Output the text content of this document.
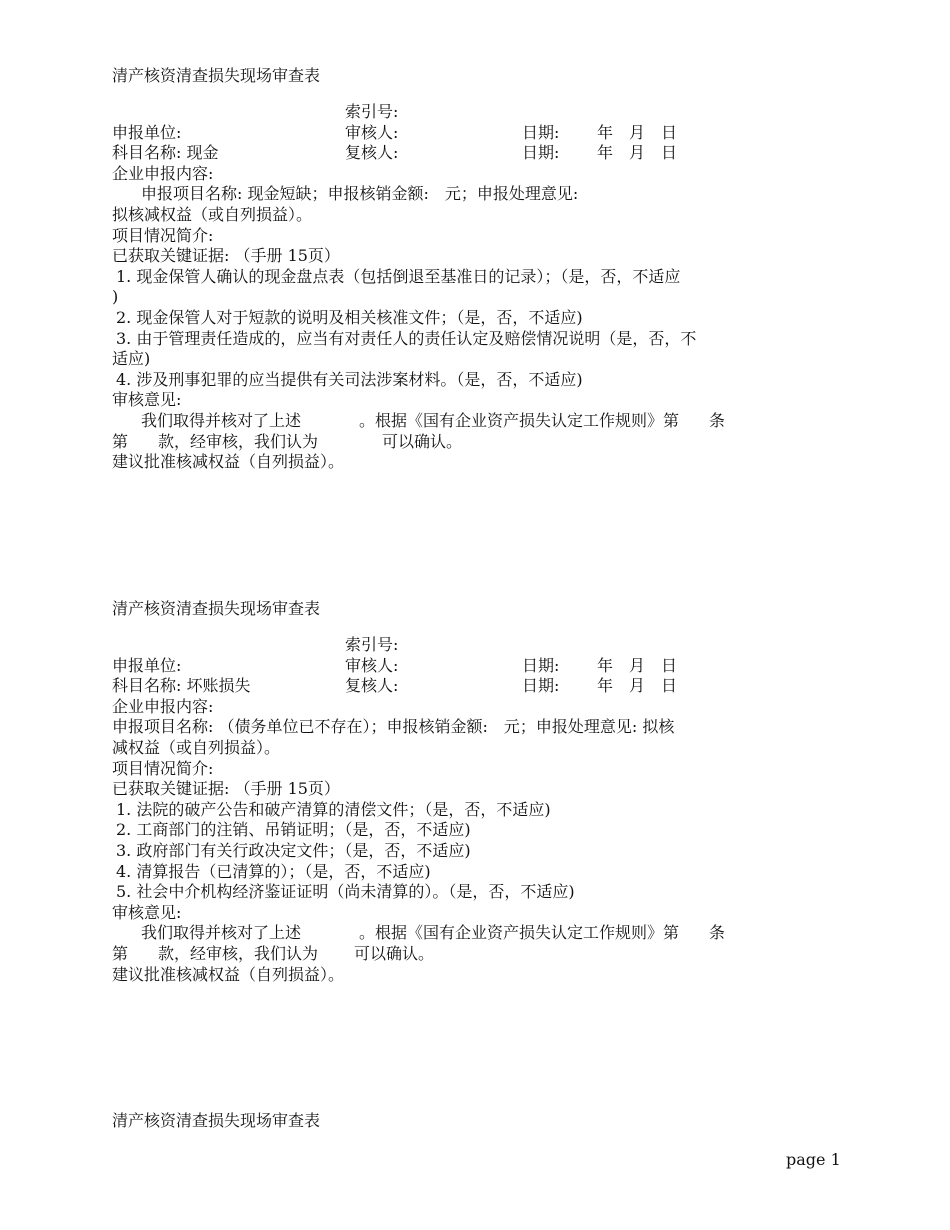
清产核资清查损失现场审查表
索引号:
申报单位:	审核人:	日期: 年　月　日
科目名称: 现金	复核人:	日期: 年　月　日
企业申报内容:
申报项目名称: 现金短缺；申报核销金额:　元；申报处理意见:
拟核减权益（或自列损益）。
项目情况简介:
已获取关键证据: （手册 15页）
1. 现金保管人确认的现金盘点表（包括倒退至基准日的记录）；（是，否，不适应
)
2. 现金保管人对于短款的说明及相关核准文件；（是，否，不适应)
3. 由于管理责任造成的，应当有对责任人的责任认定及赔偿情况说明（是，否，不
适应)
4. 涉及刑事犯罪的应当提供有关司法涉案材料。（是，否，不适应)
审核意见:
我们取得并核对了上述	。根据《国有企业资产损失认定工作规则》第 条
第 款，经审核，我们认为	可以确认。
建议批准核减权益（自列损益）。
清产核资清查损失现场审查表
索引号:
申报单位:	审核人:	日期: 年　月　日
科目名称: 坏账损失	复核人:	日期: 年　月　日
企业申报内容:
申报项目名称: （债务单位已不存在）；申报核销金额:　元；申报处理意见: 拟核
减权益（或自列损益）。
项目情况简介:
已获取关键证据: （手册 15页）
1. 法院的破产公告和破产清算的清偿文件；（是，否，不适应)
2. 工商部门的注销、吊销证明；（是，否，不适应)
3. 政府部门有关行政决定文件；（是，否，不适应)
4. 清算报告（已清算的）；（是，否，不适应)
5. 社会中介机构经济鉴证证明（尚未清算的）。（是，否，不适应)
审核意见:
我们取得并核对了上述	。根据《国有企业资产损失认定工作规则》第 条
第 款，经审核，我们认为 可以确认。
建议批准核减权益（自列损益）。
清产核资清查损失现场审查表
page 1
